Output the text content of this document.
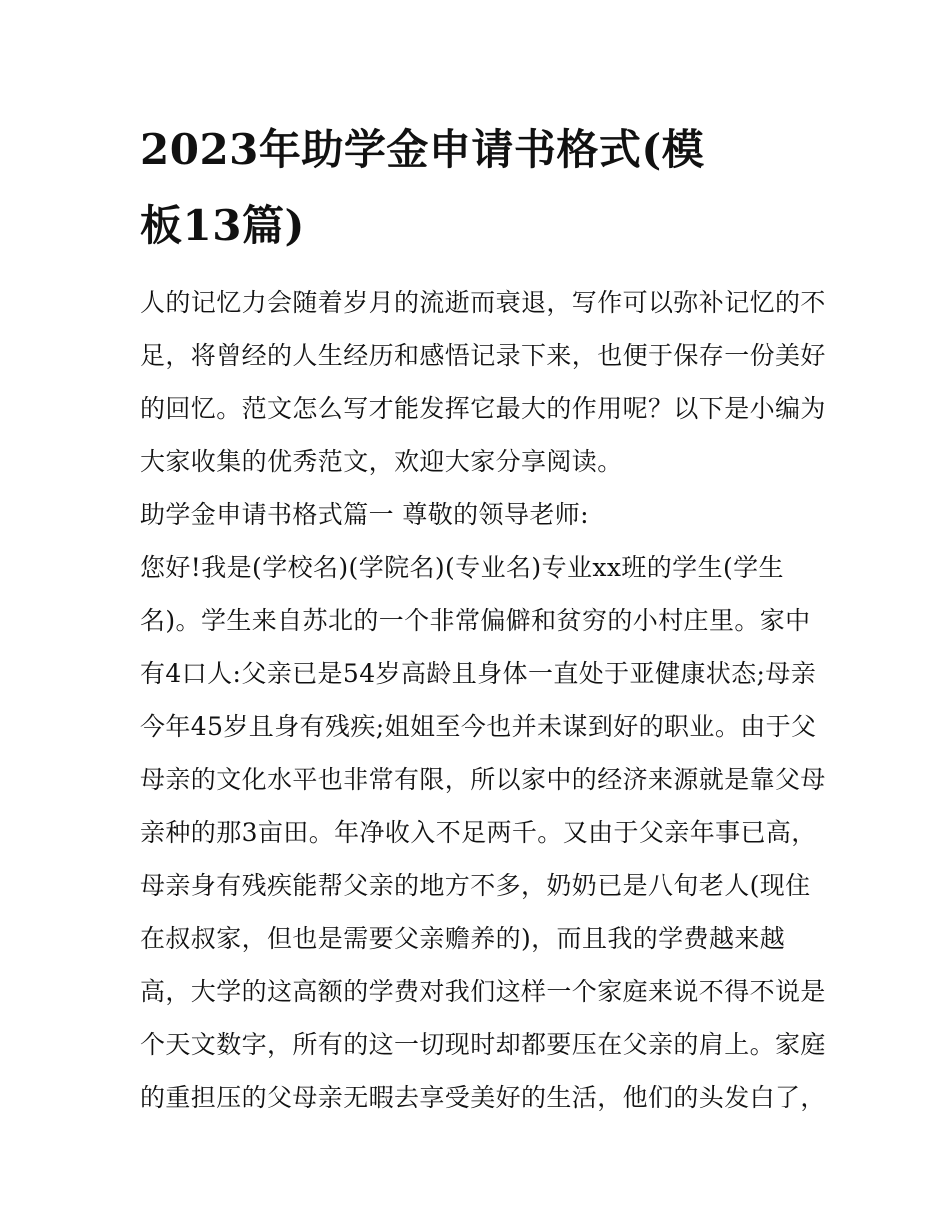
2023年助学金申请书格式(模
板13篇)
人的记忆力会随着岁月的流逝而衰退，写作可以弥补记忆的不
足，将曾经的人生经历和感悟记录下来，也便于保存一份美好
的回忆。范文怎么写才能发挥它最大的作用呢？以下是小编为
大家收集的优秀范文，欢迎大家分享阅读。
助学金申请书格式篇一 尊敬的领导老师:
您好!我是(学校名)(学院名)(专业名)专业xx班的学生(学生
名)。学生来自苏北的一个非常偏僻和贫穷的小村庄里。家中
有4口人:父亲已是54岁高龄且身体一直处于亚健康状态;母亲
今年45岁且身有残疾;姐姐至今也并未谋到好的职业。由于父
母亲的文化水平也非常有限，所以家中的经济来源就是靠父母
亲种的那3亩田。年净收入不足两千。又由于父亲年事已高，
母亲身有残疾能帮父亲的地方不多，奶奶已是八旬老人(现住
在叔叔家，但也是需要父亲赡养的)，而且我的学费越来越
高，大学的这高额的学费对我们这样一个家庭来说不得不说是
个天文数字，所有的这一切现时却都要压在父亲的肩上。家庭
的重担压的父母亲无暇去享受美好的生活，他们的头发白了，
